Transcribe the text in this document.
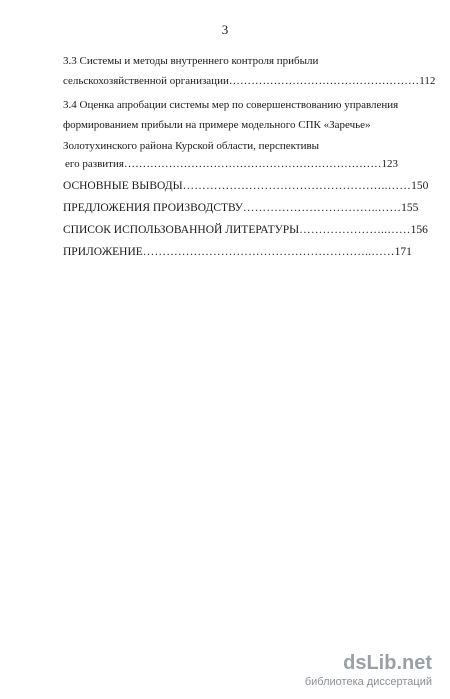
3
3.3 Системы и методы внутреннего контроля прибыли
сельскохозяйственной организации……………………………………………112
3.4 Оценка апробации системы мер по совершенствованию управления
формированием прибыли на примере модельного СПК «Заречье»
Золотухинского района Курской области, перспективы
его развития……………………………………………………………123
ОСНОВНЫЕ ВЫВОДЫ……………………………………………..……150
ПРЕДЛОЖЕНИЯ ПРОИЗВОДСТВУ……………………………..……155
СПИСОК ИСПОЛЬЗОВАННОЙ ЛИТЕРАТУРЫ…………………..……156
ПРИЛОЖЕНИЕ…………………………………………………..……171
dsLib.net
библиотека диссертаций
